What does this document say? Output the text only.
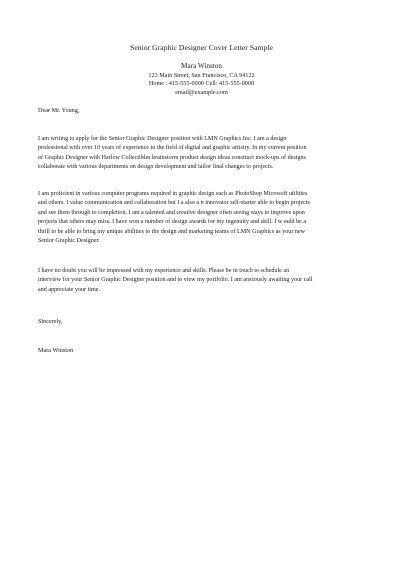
Senior Graphic Designer Cover Letter Sample
Mara Winston
123 Main Street, San Francisco, CA 94122
Home : 415-555-0000 Cell: 415-555-0000
email@example.com
Dear Mr. Young,

I am writing to apply for the Senior Graphic Designer position with LMN Graphics Inc. I am a design
professional with over 10 years of experience in the field of digital and graphic artistry. In my current position
of Graphic Designer with Harlow Collectibles brainstorm product design ideas construct mock-ups of designs
collaborate with various departments on design development and tailor final changes to projects.

I am proficient in various computer programs required in graphic design such as PhotoShop Microsoft utilities
and others. I value communication and collaboration but I a also a n innovator self-starter able to begin projects
and see them through to completion. I am a talented and creative designer often seeing ways to improve upon
projects that others may miss. I have won a number of design awards for my ingenuity and skill. I w ould be a
thrill to be able to bring my unique abilities to the design and marketing teams of LMN Graphics as your new
Senior Graphic Designer.

I have no doubt you will be impressed with my experience and skills. Please be in touch to schedule an
interview for your Senior Graphic Designer position and to view my portfolio. I am anxiously awaiting your call
and appreciate your time.

Sincerely,
Mara Winston
